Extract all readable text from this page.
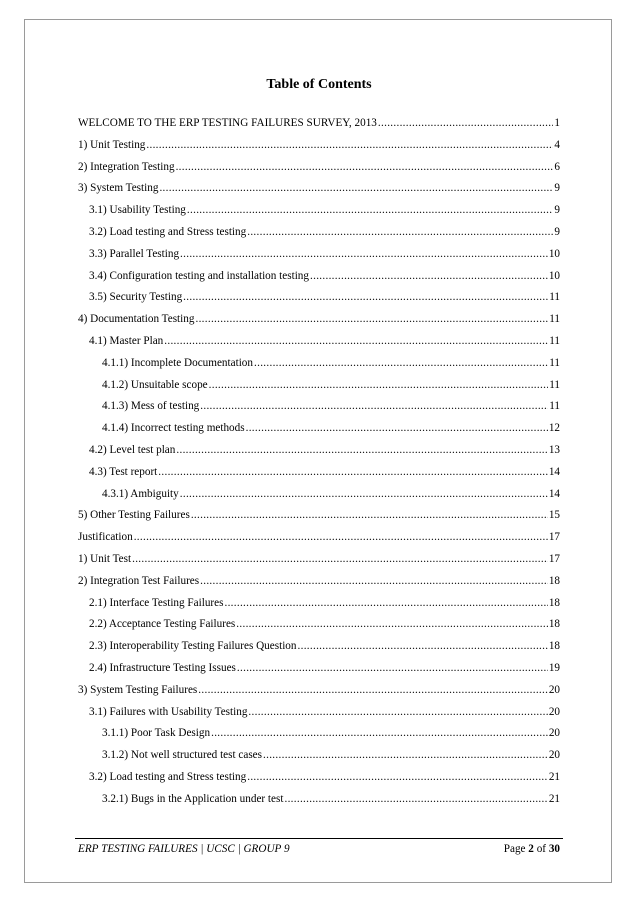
Table of Contents
WELCOME TO THE ERP TESTING FAILURES SURVEY, 2013 .....	1
1) Unit Testing .....	4
2) Integration Testing .....	6
3) System Testing .....	9
3.1) Usability Testing .....	9
3.2) Load testing and Stress testing .....	9
3.3) Parallel Testing .....	10
3.4) Configuration testing and installation testing .....	10
3.5) Security Testing .....	11
4) Documentation Testing .....	11
4.1) Master Plan .....	11
4.1.1) Incomplete Documentation .....	11
4.1.2) Unsuitable scope .....	11
4.1.3) Mess of testing .....	11
4.1.4) Incorrect testing methods .....	12
4.2) Level test plan .....	13
4.3) Test report .....	14
4.3.1) Ambiguity .....	14
5) Other Testing Failures .....	15
Justification .....	17
1) Unit Test .....	17
2) Integration Test Failures .....	18
2.1) Interface Testing Failures .....	18
2.2) Acceptance Testing Failures .....	18
2.3) Interoperability Testing Failures Question .....	18
2.4) Infrastructure Testing Issues .....	19
3) System Testing Failures .....	20
3.1) Failures with Usability Testing .....	20
3.1.1) Poor Task Design .....	20
3.1.2) Not well structured test cases .....	20
3.2) Load testing and Stress testing .....	21
3.2.1) Bugs in the Application under test .....	21
ERP TESTING FAILURES | UCSC | GROUP 9	Page 2 of 30
